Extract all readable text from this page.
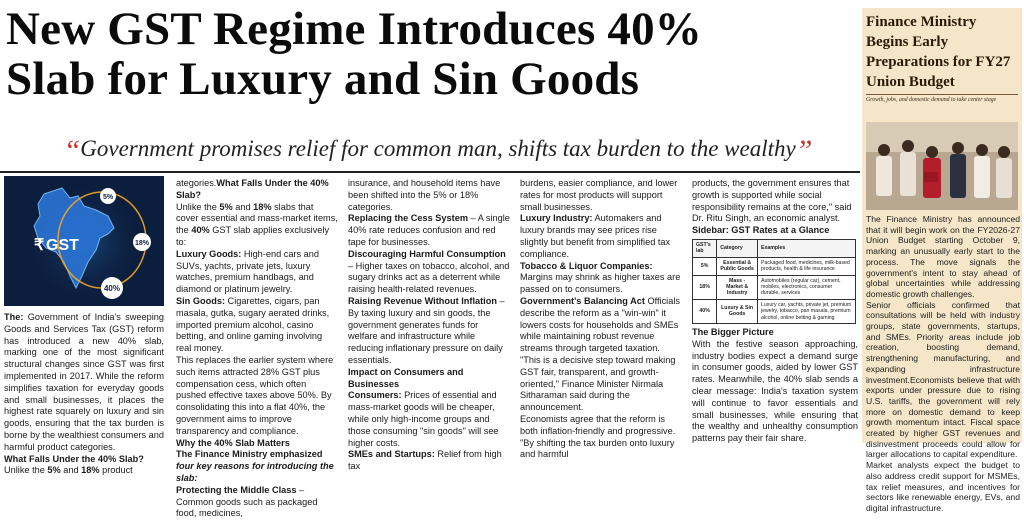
New GST Regime Introduces 40%
Slab for Luxury and Sin Goods
“Government promises relief for common man, shifts tax burden to the wealthy”
5%
18%
40%
₹ GST

The: Government of India's sweeping Goods and Services Tax (GST) reform has introduced a new 40% slab, marking one of the most significant structural changes since GST was first implemented in 2017. While the reform simplifies taxation for everyday goods and small businesses, it places the highest rate squarely on luxury and sin goods, ensuring that the tax burden is borne by the wealthiest consumers and harmful product categories.

What Falls Under the 40% Slab?

Unlike the 5% and 18% product

ategories.What Falls Under the 40% Slab?

Unlike the 5% and 18% slabs that cover essential and mass-market items, the 40% GST slab applies exclusively to:

Luxury Goods: High-end cars and SUVs, yachts, private jets, luxury watches, premium handbags, and diamond or platinum jewelry.

Sin Goods: Cigarettes, cigars, pan masala, gutka, sugary aerated drinks, imported premium alcohol, casino betting, and online gaming involving real money.

This replaces the earlier system where such items attracted 28% GST plus compensation cess, which often pushed effective taxes above 50%. By consolidating this into a flat 40%, the government aims to improve transparency and compliance.

Why the 40% Slab Matters

The Finance Ministry emphasized four key reasons for introducing the slab:

Protecting the Middle Class – Common goods such as packaged food, medicines,

insurance, and household items have been shifted into the 5% or 18% categories.

Replacing the Cess System – A single 40% rate reduces confusion and red tape for businesses.

Discouraging Harmful Consumption – Higher taxes on tobacco, alcohol, and sugary drinks act as a deterrent while raising health-related revenues.

Raising Revenue Without Inflation – By taxing luxury and sin goods, the government generates funds for welfare and infrastructure while reducing inflationary pressure on daily essentials.

Impact on Consumers and Businesses

Consumers: Prices of essential and mass-market goods will be cheaper, while only high-income groups and those consuming "sin goods" will see higher costs.

SMEs and Startups: Relief from high tax

burdens, easier compliance, and lower rates for most products will support small businesses.

Luxury Industry: Automakers and luxury brands may see prices rise slightly but benefit from simplified tax compliance.

Tobacco & Liquor Companies: Margins may shrink as higher taxes are passed on to consumers.

Government's Balancing Act Officials describe the reform as a "win-win" it lowers costs for households and SMEs while maintaining robust revenue streams through targeted taxation. "This is a decisive step toward making GST fair, transparent, and growth-oriented," Finance Minister Nirmala Sitharaman said during the announcement.

Economists agree that the reform is both inflation-friendly and progressive. "By shifting the tax burden onto luxury and harmful

products, the government ensures that growth is supported while social responsibility remains at the core," said Dr. Ritu Singh, an economic analyst.

Sidebar: GST Rates at a Glance

GST's lab	Category	Examples
5%	Essential & Public Goods	Packaged food, medicines, milk-based products, health & life insurance
18%	Mass - Market & Industry	Automobiles (regular car), cement, mobiles, electronics, consumer durable, services
40%	Luxury & Sin Goods	Luxury car, yachts, private jet, premium jewelry, tobacco, pan masala, premium alcohol, online betting & gaming

The Bigger Picture

With the festive season approaching, industry bodies expect a demand surge in consumer goods, aided by lower GST rates. Meanwhile, the 40% slab sends a clear message: India's taxation system will continue to favor essentials and small businesses, while ensuring that the wealthy and unhealthy consumption patterns pay their fair share.

Finance Ministry Begins Early Preparations for FY27 Union Budget
Growth, jobs, and domestic demand to take center stage

The Finance Ministry has announced that it will begin work on the FY2026-27 Union Budget starting October 9, marking an unusually early start to the process. The move signals the government's intent to stay ahead of global uncertainties while addressing domestic growth challenges.

Senior officials confirmed that consultations will be held with industry groups, state governments, startups, and SMEs. Priority areas include job creation, boosting demand, strengthening manufacturing, and expanding infrastructure investment.Economists believe that with exports under pressure due to rising U.S. tariffs, the government will rely more on domestic demand to keep growth momentum intact. Fiscal space created by higher GST revenues and disinvestment proceeds could allow for larger allocations to capital expenditure.

Market analysts expect the budget to also address credit support for MSMEs, tax relief measures, and incentives for sectors like renewable energy, EVs, and digital infrastructure.
